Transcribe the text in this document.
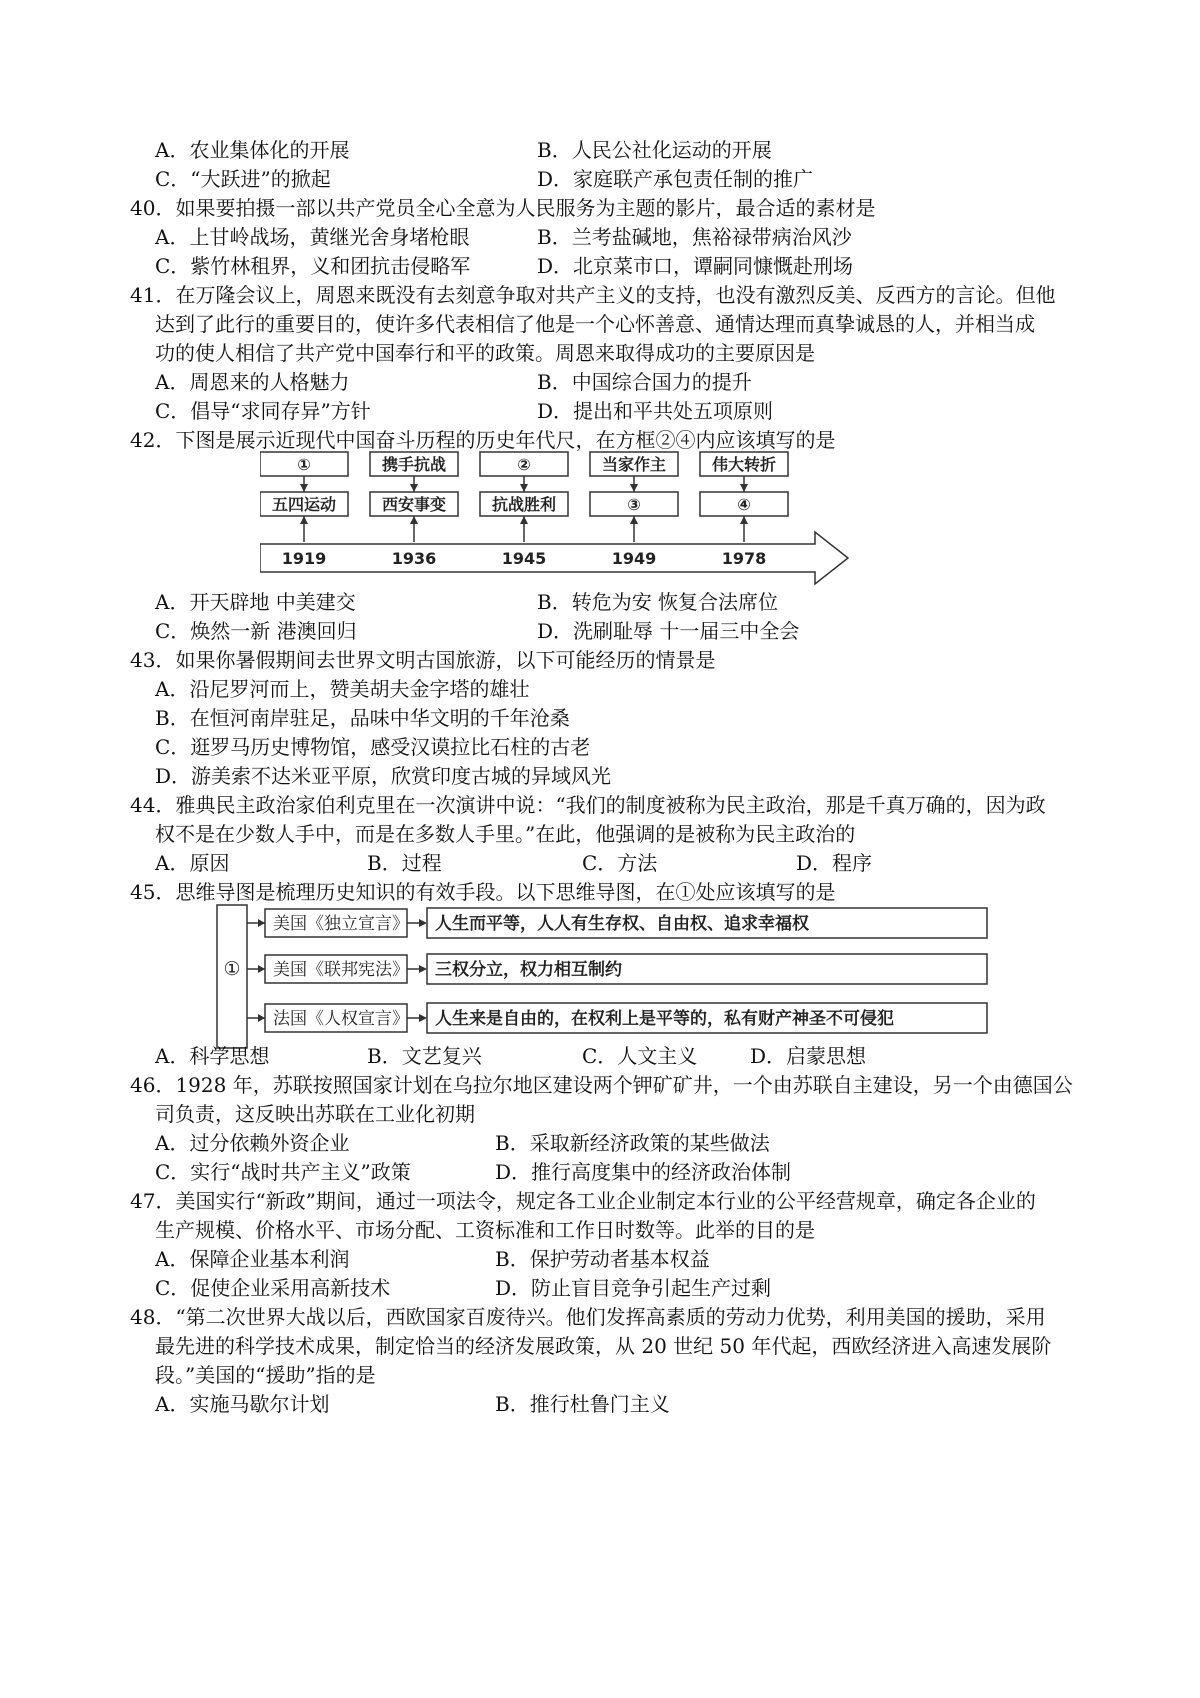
A．农业集体化的开展	B．人民公社化运动的开展
C．“大跃进”的掀起	D．家庭联产承包责任制的推广
40．如果要拍摄一部以共产党员全心全意为人民服务为主题的影片，最合适的素材是
A．上甘岭战场，黄继光舍身堵枪眼	B．兰考盐碱地，焦裕禄带病治风沙
C．紫竹林租界，义和团抗击侵略军	D．北京菜市口，谭嗣同慷慨赴刑场
41．在万隆会议上，周恩来既没有去刻意争取对共产主义的支持，也没有激烈反美、反西方的言论。但他
达到了此行的重要目的，使许多代表相信了他是一个心怀善意、通情达理而真挚诚恳的人，并相当成
功的使人相信了共产党中国奉行和平的政策。周恩来取得成功的主要原因是
A．周恩来的人格魅力	B．中国综合国力的提升
C．倡导“求同存异”方针	D．提出和平共处五项原则
42．下图是展示近现代中国奋斗历程的历史年代尺，在方框②④内应该填写的是
①	携手抗战	②	当家作主	伟大转折
五四运动	西安事变	抗战胜利	③	④
1919	1936	1945	1949	1978
A．开天辟地 中美建交	B．转危为安 恢复合法席位
C．焕然一新 港澳回归	D．洗刷耻辱 十一届三中全会
43．如果你暑假期间去世界文明古国旅游，以下可能经历的情景是
A．沿尼罗河而上，赞美胡夫金字塔的雄壮
B．在恒河南岸驻足，品味中华文明的千年沧桑
C．逛罗马历史博物馆，感受汉谟拉比石柱的古老
D．游美索不达米亚平原，欣赏印度古城的异域风光
44．雅典民主政治家伯利克里在一次演讲中说：“我们的制度被称为民主政治，那是千真万确的，因为政
权不是在少数人手中，而是在多数人手里。”在此，他强调的是被称为民主政治的
A．原因	B．过程	C．方法	D．程序
45．思维导图是梳理历史知识的有效手段。以下思维导图，在①处应该填写的是
①
美国《独立宣言》
美国《联邦宪法》
法国《人权宣言》
人生而平等，人人有生存权、自由权、追求幸福权
三权分立，权力相互制约
人生来是自由的，在权利上是平等的，私有财产神圣不可侵犯
A．科学思想	B．文艺复兴	C．人文主义	D．启蒙思想
46．1928 年，苏联按照国家计划在乌拉尔地区建设两个钾矿矿井，一个由苏联自主建设，另一个由德国公
司负责，这反映出苏联在工业化初期
A．过分依赖外资企业	B．采取新经济政策的某些做法
C．实行“战时共产主义”政策	D．推行高度集中的经济政治体制
47．美国实行“新政”期间，通过一项法令，规定各工业企业制定本行业的公平经营规章，确定各企业的
生产规模、价格水平、市场分配、工资标准和工作日时数等。此举的目的是
A．保障企业基本利润	B．保护劳动者基本权益
C．促使企业采用高新技术	D．防止盲目竞争引起生产过剩
48．“第二次世界大战以后，西欧国家百废待兴。他们发挥高素质的劳动力优势，利用美国的援助，采用
最先进的科学技术成果，制定恰当的经济发展政策，从 20 世纪 50 年代起，西欧经济进入高速发展阶
段。”美国的“援助”指的是
A．实施马歇尔计划	B．推行杜鲁门主义
